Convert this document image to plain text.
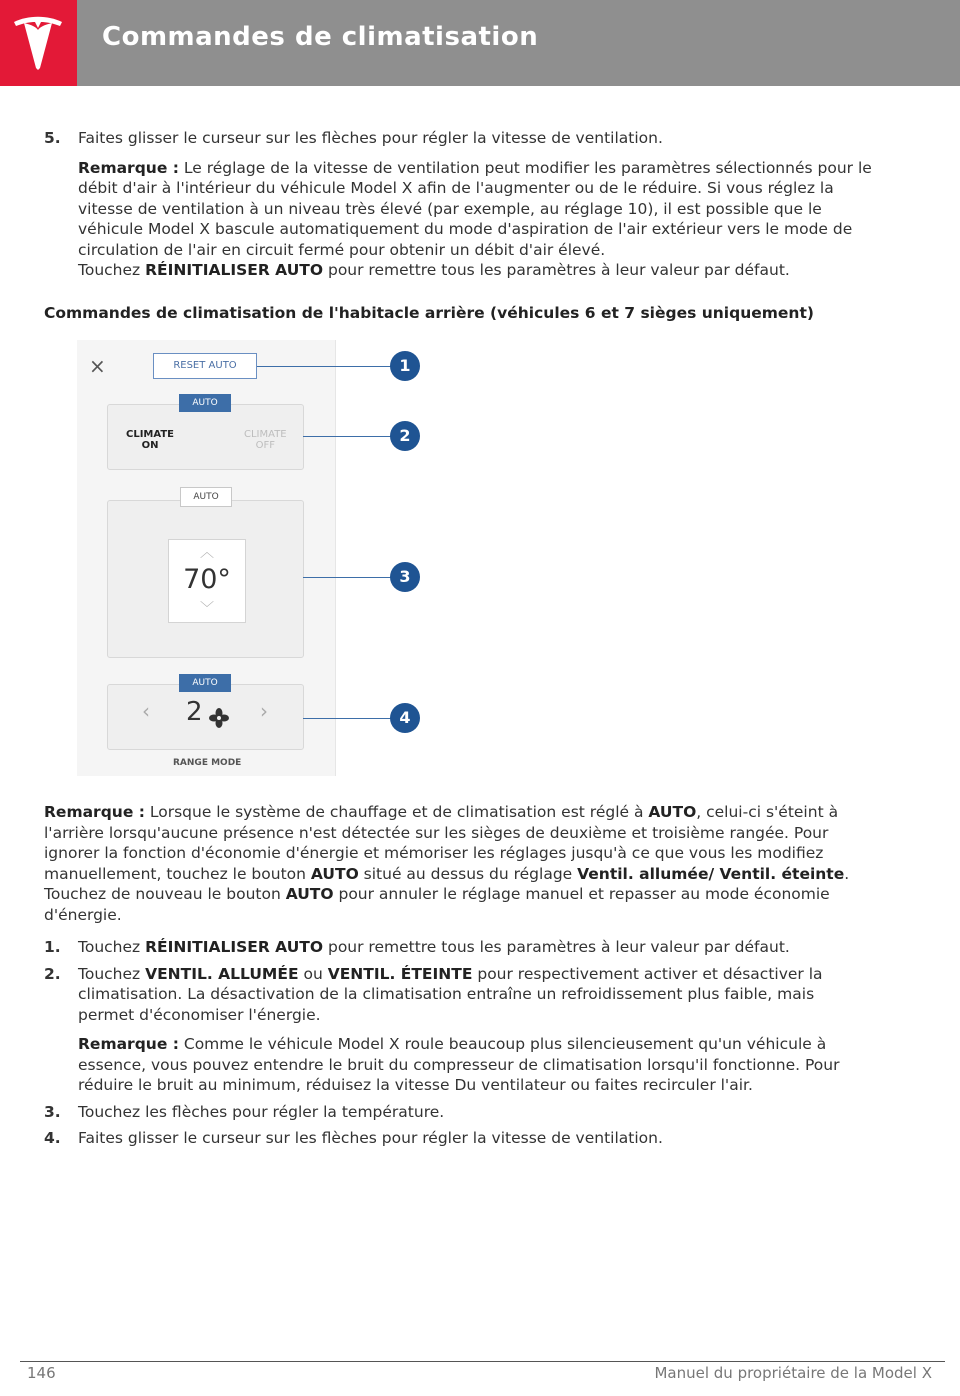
Commandes de climatisation
5. Faites glisser le curseur sur les flèches pour régler la vitesse de ventilation.
Remarque : Le réglage de la vitesse de ventilation peut modifier les paramètres sélectionnés pour le débit d'air à l'intérieur du véhicule Model X afin de l'augmenter ou de le réduire. Si vous réglez la vitesse de ventilation à un niveau très élevé (par exemple, au réglage 10), il est possible que le véhicule Model X bascule automatiquement du mode d'aspiration de l'air extérieur vers le mode de circulation de l'air en circuit fermé pour obtenir un débit d'air élevé.
Touchez RÉINITIALISER AUTO pour remettre tous les paramètres à leur valeur par défaut.
Commandes de climatisation de l'habitacle arrière (véhicules 6 et 7 sièges uniquement)
×	RESET AUTO
AUTO
CLIMATE
ON
CLIMATE
OFF
AUTO
︿
70°
﹀
AUTO
‹ 2	›
RANGE MODE
1
2
3
4
Remarque : Lorsque le système de chauffage et de climatisation est réglé à AUTO, celui-ci s'éteint à l'arrière lorsqu'aucune présence n'est détectée sur les sièges de deuxième et troisième rangée. Pour ignorer la fonction d'économie d'énergie et mémoriser les réglages jusqu'à ce que vous les modifiez manuellement, touchez le bouton AUTO situé au dessus du réglage Ventil. allumée/ Ventil. éteinte. Touchez de nouveau le bouton AUTO pour annuler le réglage manuel et repasser au mode économie d'énergie.
1. Touchez RÉINITIALISER AUTO pour remettre tous les paramètres à leur valeur par défaut.
2. Touchez VENTIL. ALLUMÉE ou VENTIL. ÉTEINTE pour respectivement activer et désactiver la climatisation. La désactivation de la climatisation entraîne un refroidissement plus faible, mais permet d'économiser l'énergie.
Remarque : Comme le véhicule Model X roule beaucoup plus silencieusement qu'un véhicule à essence, vous pouvez entendre le bruit du compresseur de climatisation lorsqu'il fonctionne. Pour réduire le bruit au minimum, réduisez la vitesse Du ventilateur ou faites recirculer l'air.
3. Touchez les flèches pour régler la température.
4. Faites glisser le curseur sur les flèches pour régler la vitesse de ventilation.
146	Manuel du propriétaire de la Model X
